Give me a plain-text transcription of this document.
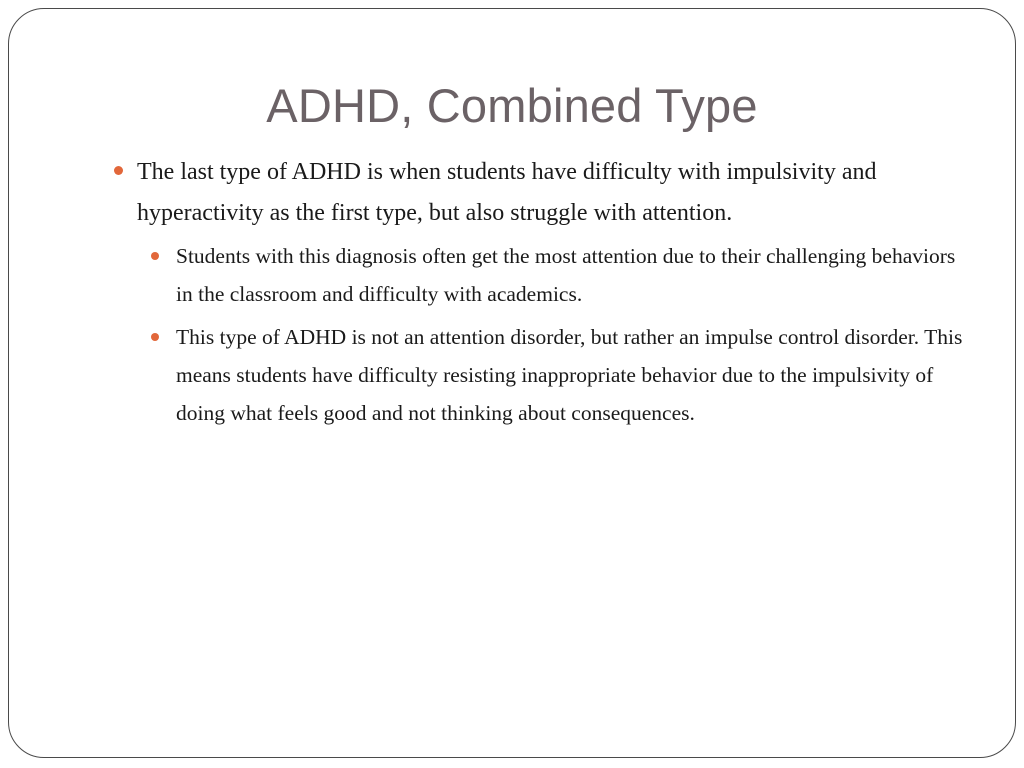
ADHD, Combined Type
The last type of ADHD is when students have difficulty with impulsivity and hyperactivity as the first type, but also struggle with attention.
Students with this diagnosis often get the most attention due to their challenging behaviors in the classroom and difficulty with academics.
This type of ADHD is not an attention disorder, but rather an impulse control disorder. This means students have difficulty resisting inappropriate behavior due to the impulsivity of doing what feels good and not thinking about consequences.
